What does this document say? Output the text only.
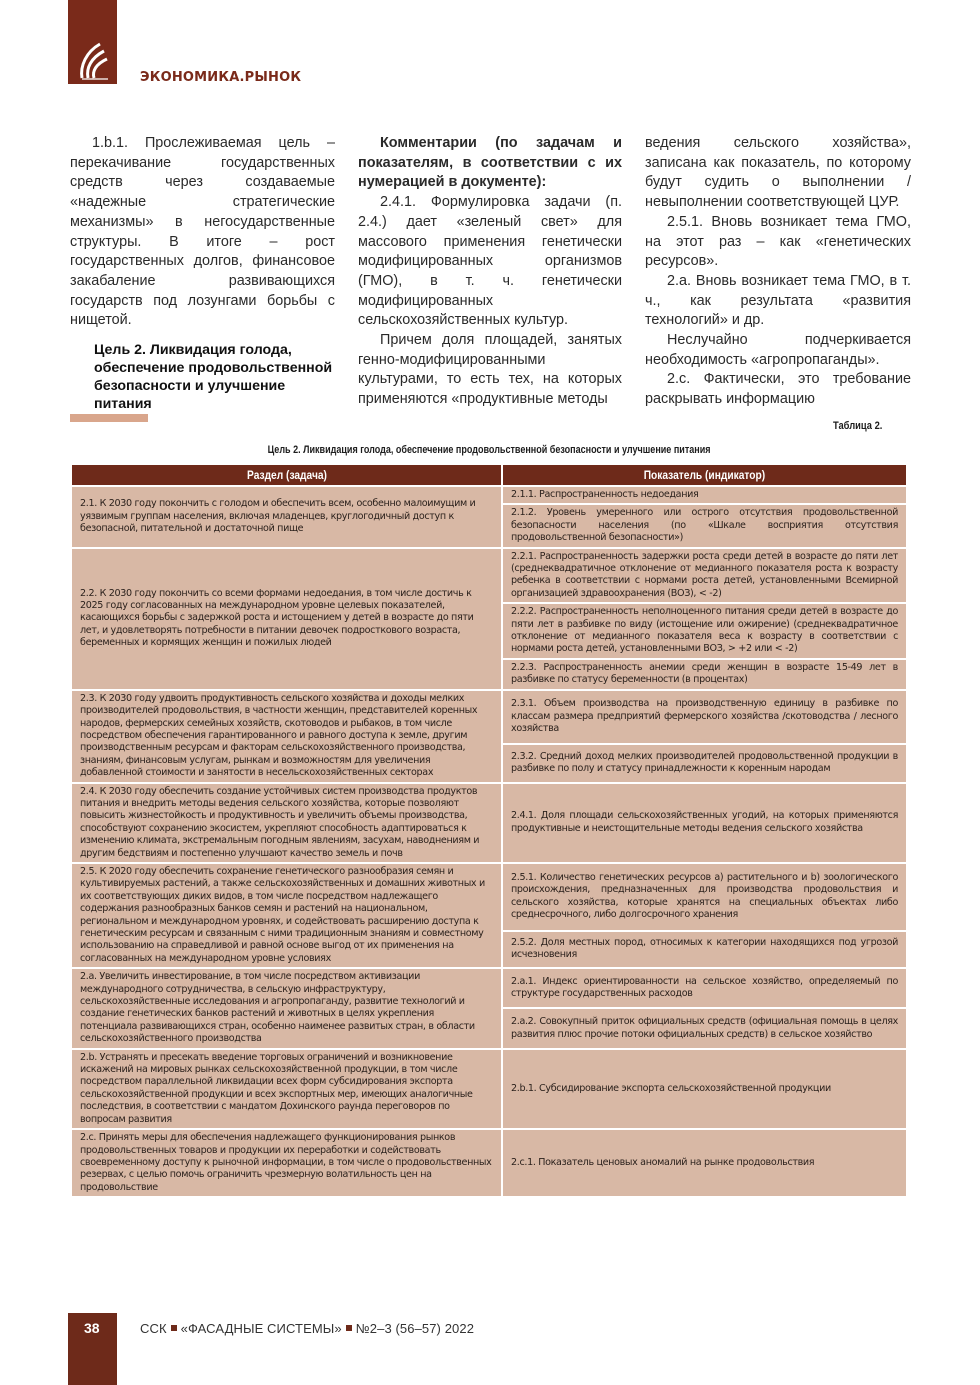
ЭКОНОМИКА.РЫНОК

1.b.1. Прослеживаемая цель – перекачивание государственных средств через создаваемые «надежные стратегические механизмы» в негосударственные структуры. В итоге – рост государственных долгов, финансовое закабаление развивающихся государств под лозунгами борьбы с нищетой.

Цель 2. Ликвидация голода, обеспечение продовольственной безопасности и улучшение питания

Комментарии (по задачам и показателям, в соответствии с их нумерацией в документе):

2.4.1. Формулировка задачи (п. 2.4.) дает «зеленый свет» для массового применения генетически модифицированных организмов (ГМО), в т. ч. генетически модифицированных сельскохозяйственных культур.

Причем доля площадей, занятых генно-модифицированными культурами, то есть тех, на которых применяются «продуктивные методы

ведения сельского хозяйства», записана как показатель, по которому будут судить о выполнении / невыполнении соответствующей ЦУР.

2.5.1. Вновь возникает тема ГМО, на этот раз – как «генетических ресурсов».

2.а. Вновь возникает тема ГМО, в т. ч., как результата «развития технологий» и др.

Неслучайно подчеркивается необходимость «агропропаганды».

2.с. Фактически, это требование раскрывать информацию

Таблица 2.
Цель 2. Ликвидация голода, обеспечение продовольственной безопасности и улучшение питания
Раздел (задача)	Показатель (индикатор)
2.1. К 2030 году покончить с голодом и обеспечить всем, особенно малоимущим и уязвимым группам населения, включая младенцев, круглогодичный доступ к безопасной, питательной и достаточной пище	2.1.1. Распространенность недоедания
	2.1.2. Уровень умеренного или острого отсутствия продовольственной безопасности населения (по «Шкале восприятия отсутствия продовольственной безопасности»)
2.2. К 2030 году покончить со всеми формами недоедания, в том числе достичь к 2025 году согласованных на международном уровне целевых показателей, касающихся борьбы с задержкой роста и истощением у детей в возрасте до пяти лет, и удовлетворять потребности в питании девочек подросткового возраста, беременных и кормящих женщин и пожилых людей	2.2.1. Распространенность задержки роста среди детей в возрасте до пяти лет (среднеквадратичное отклонение от медианного показателя роста к возрасту ребенка в соответствии с нормами роста детей, установленными Всемирной организацией здравоохранения (ВОЗ), < -2)
	2.2.2. Распространенность неполноценного питания среди детей в возрасте до пяти лет в разбивке по виду (истощение или ожирение) (среднеквадратичное отклонение от медианного показателя веса к возрасту в соответствии с нормами роста детей, установленными ВОЗ, > +2 или < -2)
	2.2.3. Распространенность анемии среди женщин в возрасте 15-49 лет в разбивке по статусу беременности (в процентах)
2.3. К 2030 году удвоить продуктивность сельского хозяйства и доходы мелких производителей продовольствия, в частности женщин, представителей коренных народов, фермерских семейных хозяйств, скотоводов и рыбаков, в том числе посредством обеспечения гарантированного и равного доступа к земле, другим производственным ресурсам и факторам сельскохозяйственного производства, знаниям, финансовым услугам, рынкам и возможностям для увеличения добавленной стоимости и занятости в несельскохозяйственных секторах	2.3.1. Объем производства на производственную единицу в разбивке по классам размера предприятий фермерского хозяйства /скотоводства / лесного хозяйства
	2.3.2. Средний доход мелких производителей продовольственной продукции в разбивке по полу и статусу принадлежности к коренным народам
2.4. К 2030 году обеспечить создание устойчивых систем производства продуктов питания и внедрить методы ведения сельского хозяйства, которые позволяют повысить жизнестойкость и продуктивность и увеличить объемы производства, способствуют сохранению экосистем, укрепляют способность адаптироваться к изменению климата, экстремальным погодным явлениям, засухам, наводнениям и другим бедствиям и постепенно улучшают качество земель и почв	2.4.1. Доля площади сельскохозяйственных угодий, на которых применяются продуктивные и неистощительные методы ведения сельского хозяйства
2.5. К 2020 году обеспечить сохранение генетического разнообразия семян и культивируемых растений, а также сельскохозяйственных и домашних животных и их соответствующих диких видов, в том числе посредством надлежащего содержания разнообразных банков семян и растений на национальном, региональном и международном уровнях, и содействовать расширению доступа к генетическим ресурсам и связанным с ними традиционным знаниям и совместному использованию на справедливой и равной основе выгод от их применения на согласованных на международном уровне условиях	2.5.1. Количество генетических ресурсов а) растительного и b) зоологического происхождения, предназначенных для производства продовольствия и сельского хозяйства, которые хранятся на специальных объектах либо среднесрочного, либо долгосрочного хранения
	2.5.2. Доля местных пород, относимых к категории находящихся под угрозой исчезновения
2.а. Увеличить инвестирование, в том числе посредством активизации международного сотрудничества, в сельскую инфраструктуру, сельскохозяйственные исследования и агропропаганду, развитие технологий и создание генетических банков растений и животных в целях укрепления потенциала развивающихся стран, особенно наименее развитых стран, в области сельскохозяйственного производства	2.а.1. Индекс ориентированности на сельское хозяйство, определяемый по структуре государственных расходов
	2.а.2. Совокупный приток официальных средств (официальная помощь в целях развития плюс прочие потоки официальных средств) в сельское хозяйство
2.b. Устранять и пресекать введение торговых ограничений и возникновение искажений на мировых рынках сельскохозяйственной продукции, в том числе посредством параллельной ликвидации всех форм субсидирования экспорта сельскохозяйственной продукции и всех экспортных мер, имеющих аналогичные последствия, в соответствии с мандатом Дохинского раунда переговоров по вопросам развития	2.b.1. Субсидирование экспорта сельскохозяйственной продукции
2.с. Принять меры для обеспечения надлежащего функционирования рынков продовольственных товаров и продукции их переработки и содействовать своевременному доступу к рыночной информации, в том числе о продовольственных резервах, с целью помочь ограничить чрезмерную волатильность цен на продовольствие	2.с.1. Показатель ценовых аномалий на рынке продовольствия
38	ССК «ФАСАДНЫЕ СИСТЕМЫ» №2–3 (56–57) 2022
